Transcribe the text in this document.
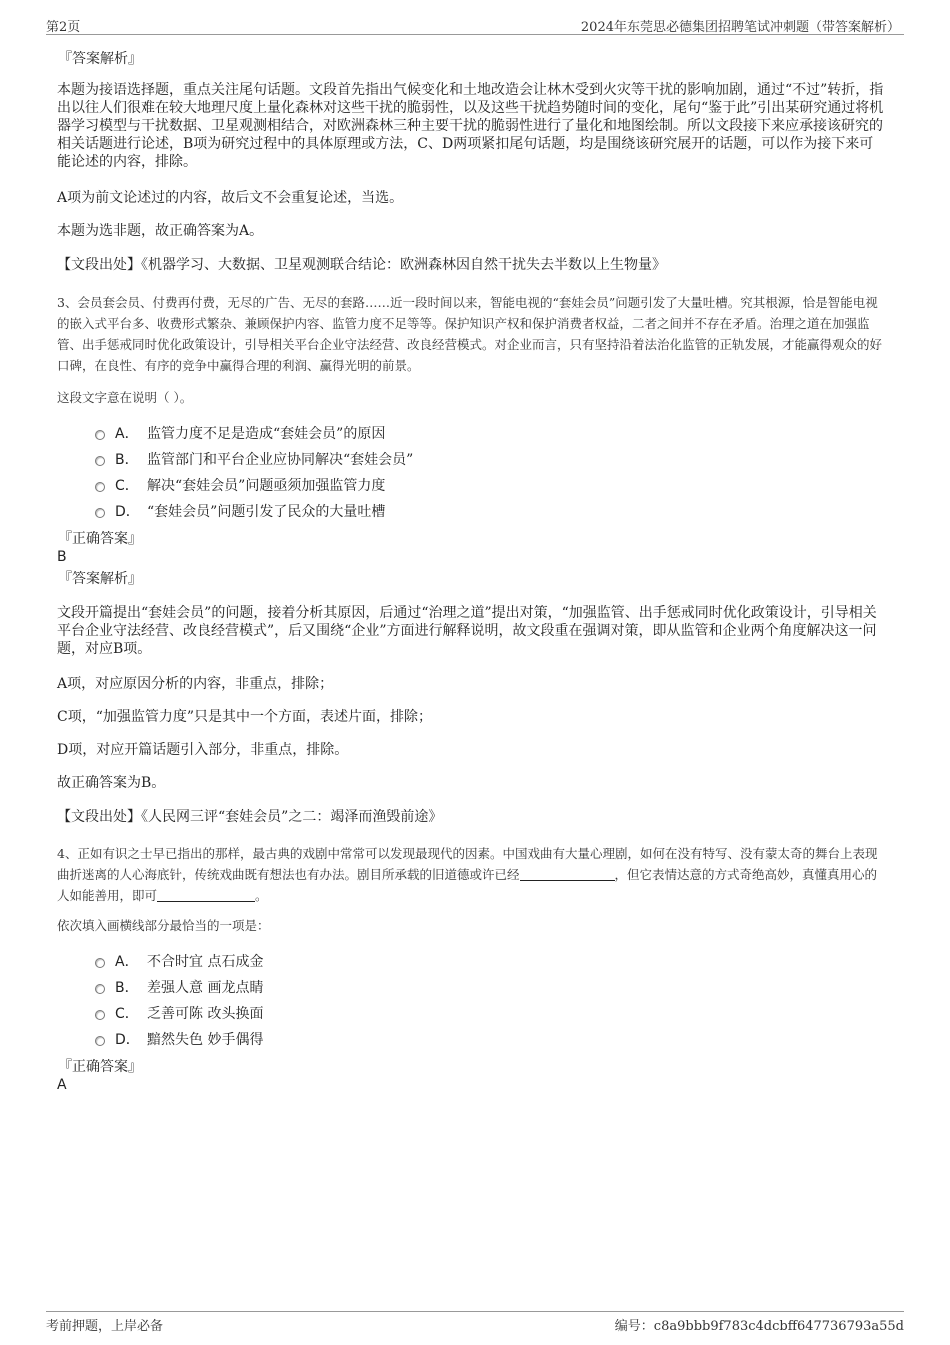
第2页	2024年东莞思必德集团招聘笔试冲刺题（带答案解析）
『答案解析』
本题为接语选择题，重点关注尾句话题。文段首先指出气候变化和土地改造会让林木受到火灾等干扰的影响加剧，通过“不过”转折，指出以往人们很难在较大地理尺度上量化森林对这些干扰的脆弱性，以及这些干扰趋势随时间的变化，尾句“鉴于此”引出某研究通过将机器学习模型与干扰数据、卫星观测相结合，对欧洲森林三种主要干扰的脆弱性进行了量化和地图绘制。所以文段接下来应承接该研究的相关话题进行论述，B项为研究过程中的具体原理或方法，C、D两项紧扣尾句话题，均是围绕该研究展开的话题，可以作为接下来可能论述的内容，排除。
A项为前文论述过的内容，故后文不会重复论述，当选。
本题为选非题，故正确答案为A。
【文段出处】《机器学习、大数据、卫星观测联合结论：欧洲森林因自然干扰失去半数以上生物量》
3、会员套会员、付费再付费，无尽的广告、无尽的套路……近一段时间以来，智能电视的“套娃会员”问题引发了大量吐槽。究其根源，恰是智能电视的嵌入式平台多、收费形式繁杂、兼顾保护内容、监管力度不足等等。保护知识产权和保护消费者权益，二者之间并不存在矛盾。治理之道在加强监管、出手惩戒同时优化政策设计，引导相关平台企业守法经营、改良经营模式。对企业而言，只有坚持沿着法治化监管的正轨发展，才能赢得观众的好口碑，在良性、有序的竞争中赢得合理的利润、赢得光明的前景。
这段文字意在说明（ ）。
A． 监管力度不足是造成“套娃会员”的原因
B． 监管部门和平台企业应协同解决“套娃会员”
C． 解决“套娃会员”问题亟须加强监管力度
D． “套娃会员”问题引发了民众的大量吐槽
『正确答案』
B
『答案解析』
文段开篇提出“套娃会员”的问题，接着分析其原因，后通过“治理之道”提出对策，“加强监管、出手惩戒同时优化政策设计，引导相关平台企业守法经营、改良经营模式”，后又围绕“企业”方面进行解释说明，故文段重在强调对策，即从监管和企业两个角度解决这一问题，对应B项。
A项，对应原因分析的内容，非重点，排除；
C项，“加强监管力度”只是其中一个方面，表述片面，排除；
D项，对应开篇话题引入部分，非重点，排除。
故正确答案为B。
【文段出处】《人民网三评“套娃会员”之二：竭泽而渔毁前途》
4、正如有识之士早已指出的那样，最古典的戏剧中常常可以发现最现代的因素。中国戏曲有大量心理剧，如何在没有特写、没有蒙太奇的舞台上表现曲折迷离的人心海底针，传统戏曲既有想法也有办法。剧目所承载的旧道德或许已经	，但它表情达意的方式奇绝高妙，真懂真用心的人如能善用，即可	。
依次填入画横线部分最恰当的一项是：
A． 不合时宜 点石成金
B． 差强人意 画龙点睛
C． 乏善可陈 改头换面
D． 黯然失色 妙手偶得
『正确答案』
A
考前押题，上岸必备	编号：c8a9bbb9f783c4dcbff647736793a55d
